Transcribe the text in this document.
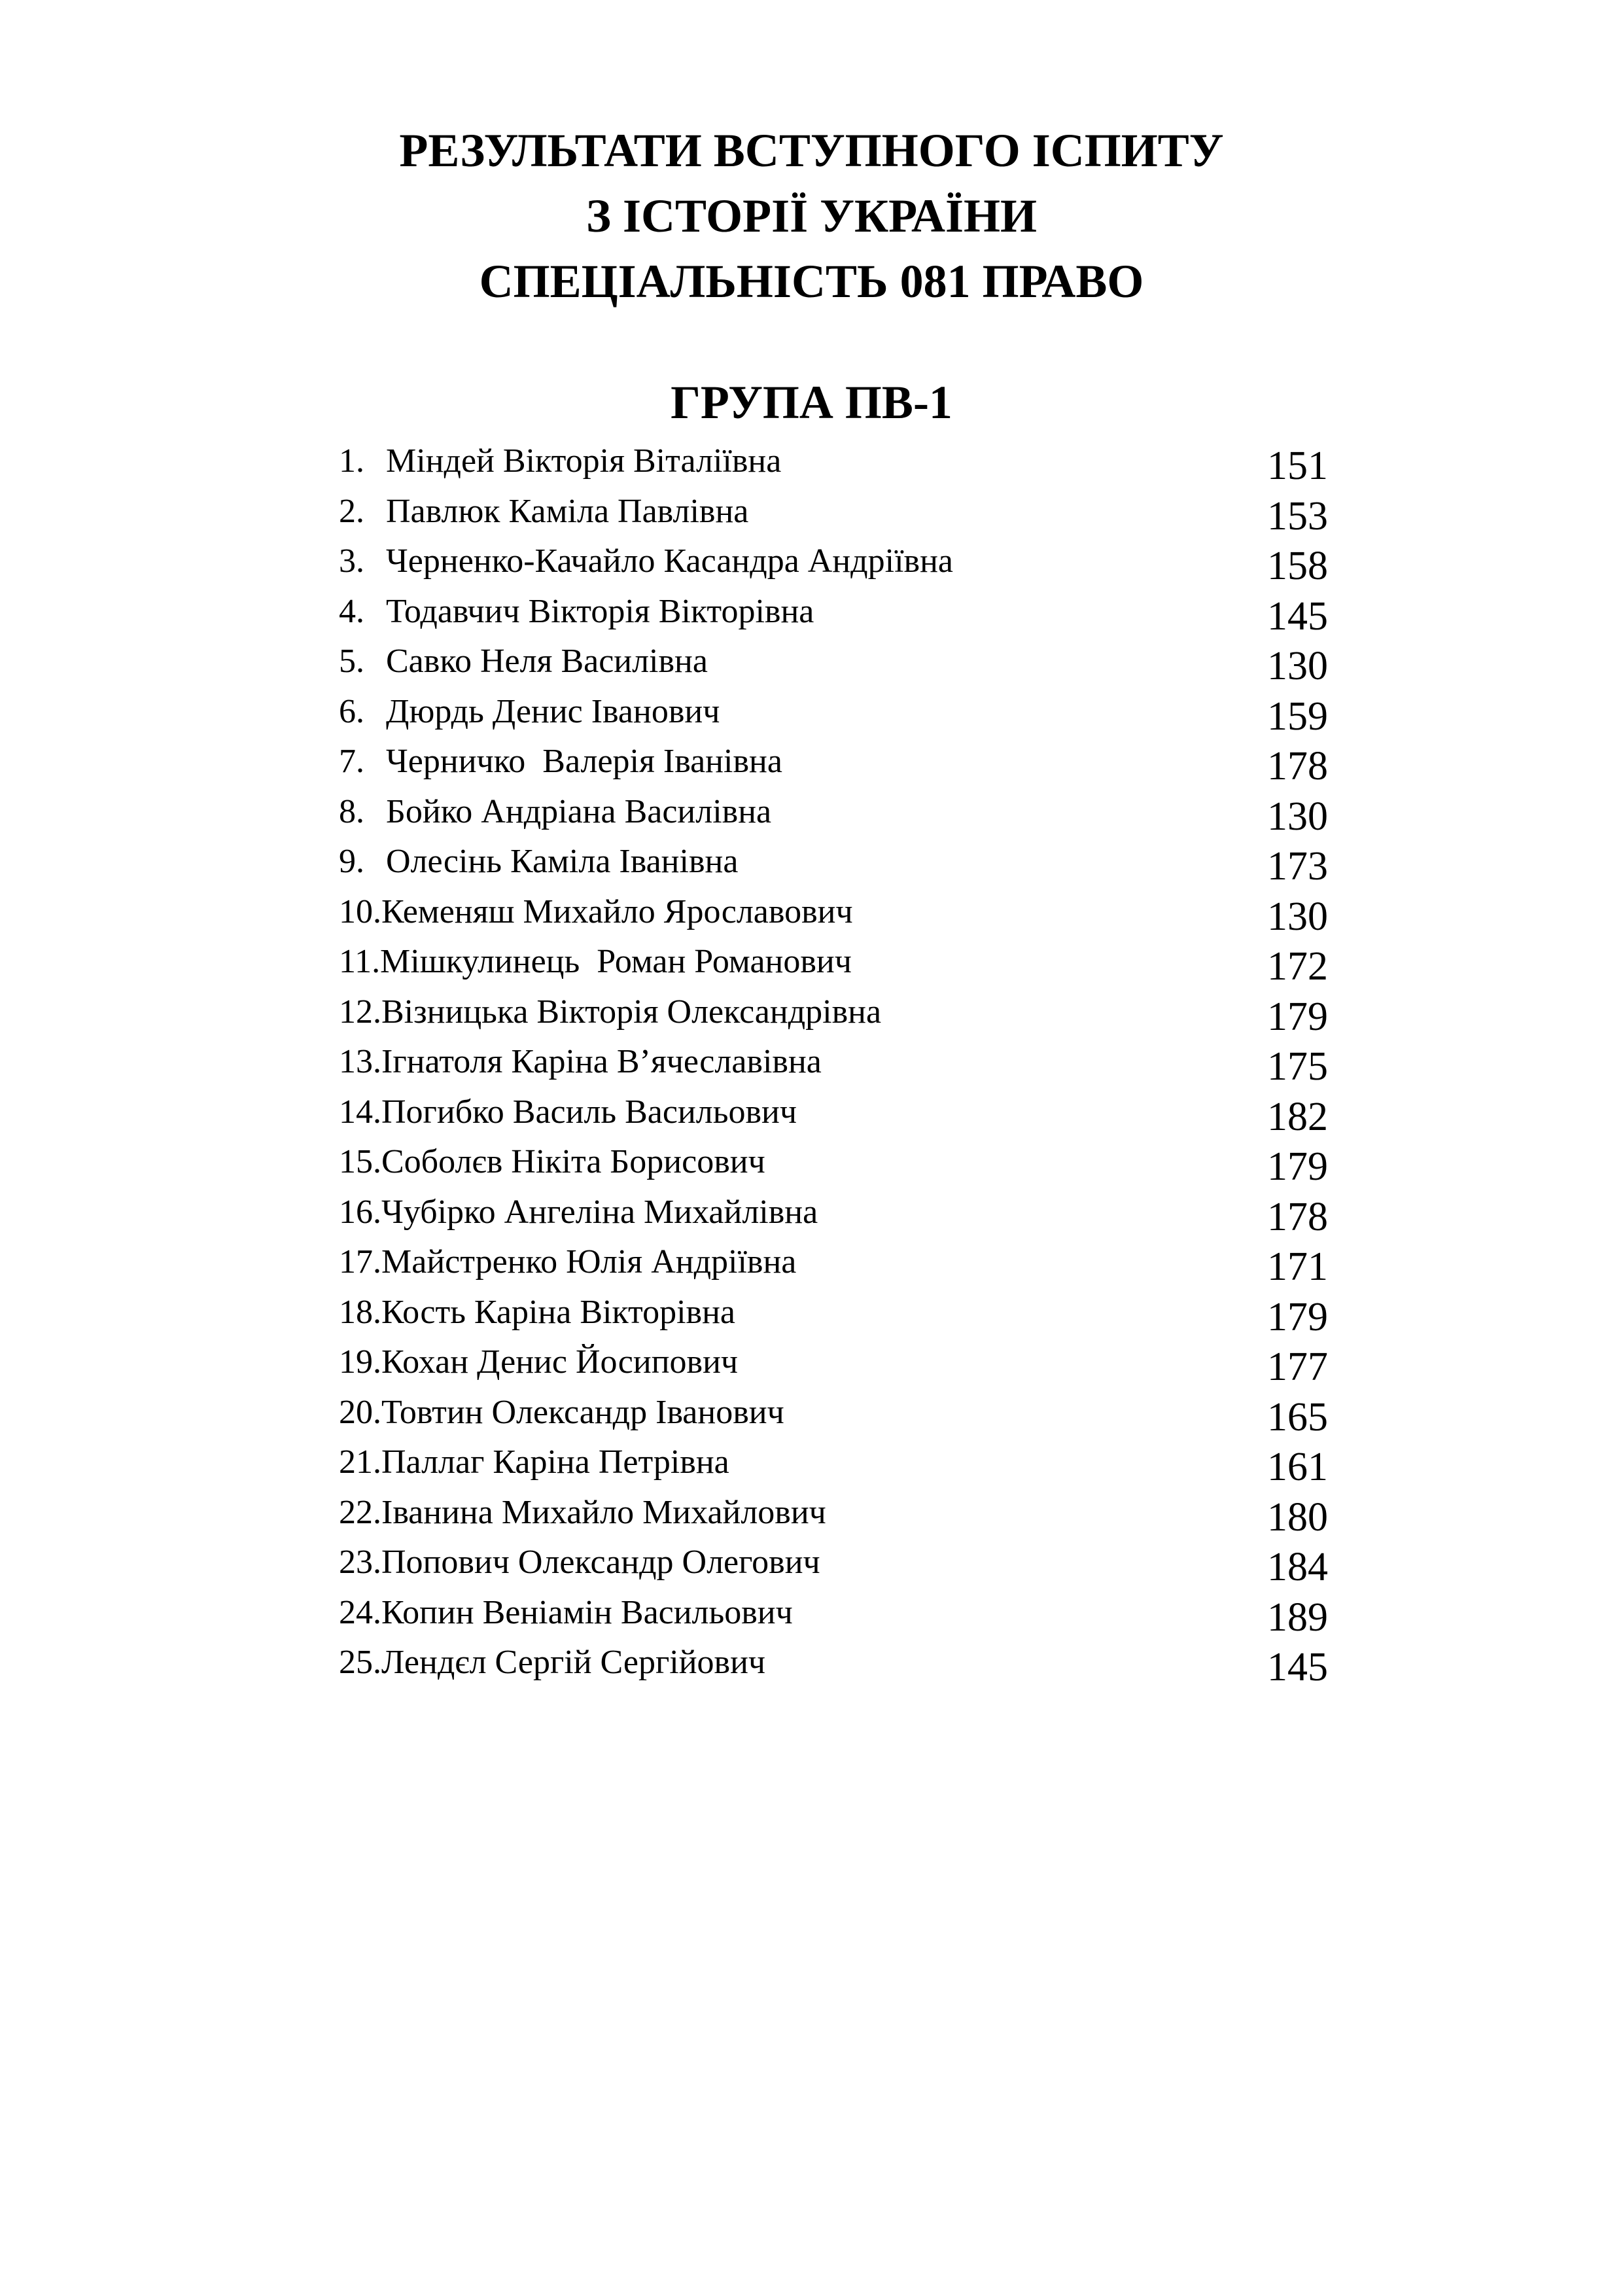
РЕЗУЛЬТАТИ ВСТУПНОГО ІСПИТУ
З ІСТОРІЇ УКРАЇНИ
СПЕЦІАЛЬНІСТЬ 081 ПРАВО
ГРУПА ПВ-1
1. Міндей Вікторія Віталіївна	151
2. Павлюк Каміла Павлівна	153
3. Черненко-Качайло Касандра Андріївна	158
4. Тодавчич Вікторія Вікторівна	145
5. Савко Неля Василівна	130
6. Дюрдь Денис Іванович	159
7. Черничко  Валерія Іванівна	178
8. Бойко Андріана Василівна	130
9. Олесінь Каміла Іванівна	173
10. Кеменяш Михайло Ярославович	130
11. Мішкулинець  Роман Романович	172
12. Візницька Вікторія Олександрівна	179
13. Ігнатоля Каріна В’ячеславівна	175
14. Погибко Василь Васильович	182
15. Соболєв Нікіта Борисович	179
16. Чубірко Ангеліна Михайлівна	178
17. Майстренко Юлія Андріївна	171
18. Кость Каріна Вікторівна	179
19. Кохан Денис Йосипович	177
20. Товтин Олександр Іванович	165
21. Паллаг Каріна Петрівна	161
22. Іванина Михайло Михайлович	180
23. Попович Олександр Олегович	184
24. Копин Веніамін Васильович	189
25. Лендєл Сергій Сергійович	145
